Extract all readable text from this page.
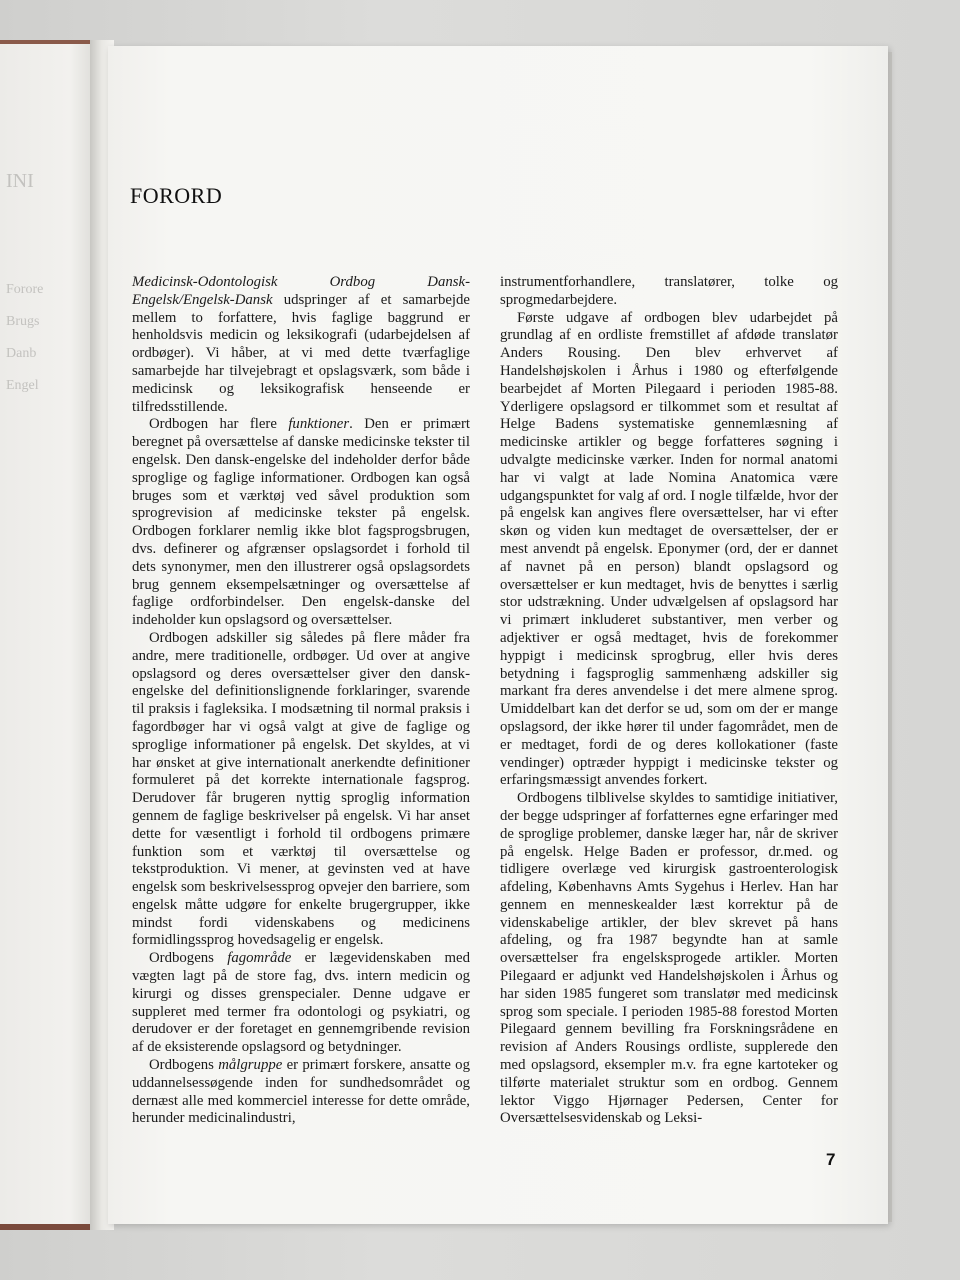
INI
Forore
Brugs
Danb
Engel
FORORD

Medicinsk-Odontologisk Ordbog Dansk-Engelsk/Engelsk-Dansk udspringer af et samarbejde mellem to forfattere, hvis faglige baggrund er henholdsvis medicin og leksikografi (udarbejdelsen af ordbøger). Vi håber, at vi med dette tværfaglige samarbejde har tilvejebragt et opslagsværk, som både i medicinsk og leksikografisk henseende er tilfredsstillende.

Ordbogen har flere funktioner. Den er primært beregnet på oversættelse af danske medicinske tekster til engelsk. Den dansk-engelske del indeholder derfor både sproglige og faglige informationer. Ordbogen kan også bruges som et værktøj ved såvel produktion som sprogrevision af medicinske tekster på engelsk. Ordbogen forklarer nemlig ikke blot fagsprogsbrugen, dvs. definerer og afgrænser opslagsordet i forhold til dets synonymer, men den illustrerer også opslagsordets brug gennem eksempelsætninger og oversættelse af faglige ordforbindelser. Den engelsk-danske del indeholder kun opslagsord og oversættelser.

Ordbogen adskiller sig således på flere måder fra andre, mere traditionelle, ordbøger. Ud over at angive opslagsord og deres oversættelser giver den dansk-engelske del definitionslignende forklaringer, svarende til praksis i fagleksika. I modsætning til normal praksis i fagordbøger har vi også valgt at give de faglige og sproglige informationer på engelsk. Det skyldes, at vi har ønsket at give internationalt anerkendte definitioner formuleret på det korrekte internationale fagsprog. Derudover får brugeren nyttig sproglig information gennem de faglige beskrivelser på engelsk. Vi har anset dette for væsentligt i forhold til ordbogens primære funktion som et værktøj til oversættelse og tekstproduktion. Vi mener, at gevinsten ved at have engelsk som beskrivelsessprog opvejer den barriere, som engelsk måtte udgøre for enkelte brugergrupper, ikke mindst fordi videnskabens og medicinens formidlingssprog hovedsagelig er engelsk.

Ordbogens fagområde er lægevidenskaben med vægten lagt på de store fag, dvs. intern medicin og kirurgi og disses grenspecialer. Denne udgave er suppleret med termer fra odontologi og psykiatri, og derudover er der foretaget en gennemgribende revision af de eksisterende opslagsord og betydninger.

Ordbogens målgruppe er primært forskere, ansatte og uddannelsessøgende inden for sundhedsområdet og dernæst alle med kommerciel interesse for dette område, herunder medicinalindustri,

instrumentforhandlere, translatører, tolke og sprogmedarbejdere.

Første udgave af ordbogen blev udarbejdet på grundlag af en ordliste fremstillet af afdøde translatør Anders Rousing. Den blev erhvervet af Handelshøjskolen i Århus i 1980 og efterfølgende bearbejdet af Morten Pilegaard i perioden 1985-88. Yderligere opslagsord er tilkommet som et resultat af Helge Badens systematiske gennemlæsning af medicinske artikler og begge forfatteres søgning i udvalgte medicinske værker. Inden for normal anatomi har vi valgt at lade Nomina Anatomica være udgangspunktet for valg af ord. I nogle tilfælde, hvor der på engelsk kan angives flere oversættelser, har vi efter skøn og viden kun medtaget de oversættelser, der er mest anvendt på engelsk. Eponymer (ord, der er dannet af navnet på en person) blandt opslagsord og oversættelser er kun medtaget, hvis de benyttes i særlig stor udstrækning. Under udvælgelsen af opslagsord har vi primært inkluderet substantiver, men verber og adjektiver er også medtaget, hvis de forekommer hyppigt i medicinsk sprogbrug, eller hvis deres betydning i fagsproglig sammenhæng adskiller sig markant fra deres anvendelse i det mere almene sprog. Umiddelbart kan det derfor se ud, som om der er mange opslagsord, der ikke hører til under fagområdet, men de er medtaget, fordi de og deres kollokationer (faste vendinger) optræder hyppigt i medicinske tekster og erfaringsmæssigt anvendes forkert.

Ordbogens tilblivelse skyldes to samtidige initiativer, der begge udspringer af forfatternes egne erfaringer med de sproglige problemer, danske læger har, når de skriver på engelsk. Helge Baden er professor, dr.med. og tidligere overlæge ved kirurgisk gastroenterologisk afdeling, Københavns Amts Sygehus i Herlev. Han har gennem en menneskealder læst korrektur på de videnskabelige artikler, der blev skrevet på hans afdeling, og fra 1987 begyndte han at samle oversættelser fra engelsksprogede artikler. Morten Pilegaard er adjunkt ved Handelshøjskolen i Århus og har siden 1985 fungeret som translatør med medicinsk sprog som speciale. I perioden 1985-88 forestod Morten Pilegaard gennem bevilling fra Forskningsrådene en revision af Anders Rousings ordliste, supplerede den med opslagsord, eksempler m.v. fra egne kartoteker og tilførte materialet struktur som en ordbog. Gennem lektor Viggo Hjørnager Pedersen, Center for Oversættelsesvidenskab og Leksi-

7
